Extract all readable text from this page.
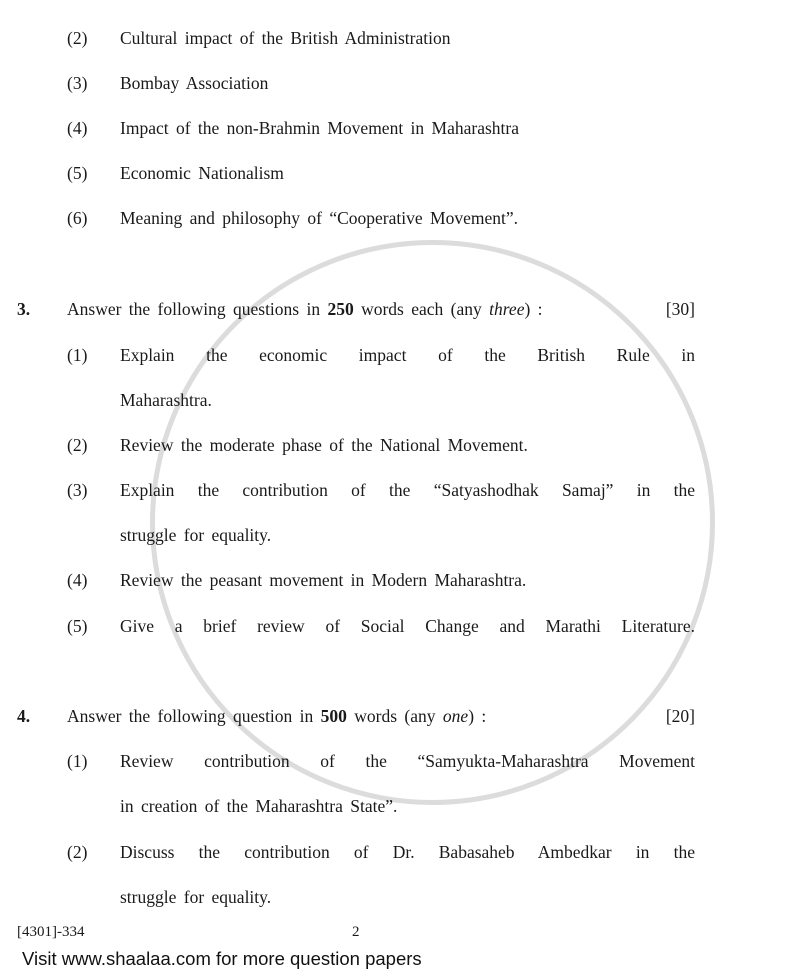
(2) Cultural impact of the British Administration
(3) Bombay Association
(4) Impact of the non-Brahmin Movement in Maharashtra
(5) Economic Nationalism
(6) Meaning and philosophy of “Cooperative Movement”.
3. Answer the following questions in 250 words each (any three) :	[30]
(1) Explain the economic impact of the British Rule in
Maharashtra.
(2) Review the moderate phase of the National Movement.
(3) Explain the contribution of the “Satyashodhak Samaj” in the
struggle for equality.
(4) Review the peasant movement in Modern Maharashtra.
(5) Give a brief review of Social Change and Marathi Literature.
4. Answer the following question in 500 words (any one) :	[20]
(1) Review contribution of the “Samyukta-Maharashtra Movement
in creation of the Maharashtra State”.
(2) Discuss the contribution of Dr. Babasaheb Ambedkar in the
struggle for equality.
[4301]-334	2
Visit www.shaalaa.com for more question papers
